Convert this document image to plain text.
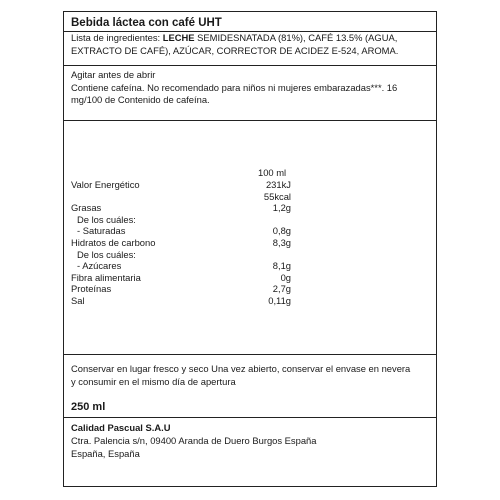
Bebida láctea con café UHT
Lista de ingredientes: LECHE SEMIDESNATADA (81%), CAFÉ 13.5% (AGUA,
EXTRACTO DE CAFÉ), AZÚCAR, CORRECTOR DE ACIDEZ E-524, AROMA.
Agitar antes de abrir
Contiene cafeína. No recomendado para niños ni mujeres embarazadas***. 16
mg/100 de Contenido de cafeína.
100 ml
Valor Energético	231kJ
55kcal
Grasas	1,2g
De los cuáles:
- Saturadas	0,8g
Hidratos de carbono	8,3g
De los cuáles:
- Azúcares	8,1g
Fibra alimentaria	0g
Proteínas	2,7g
Sal	0,11g
Conservar en lugar fresco y seco Una vez abierto, conservar el envase en nevera
y consumir en el mismo día de apertura
250 ml
Calidad Pascual S.A.U
Ctra. Palencia s/n, 09400 Aranda de Duero Burgos España
España, España
